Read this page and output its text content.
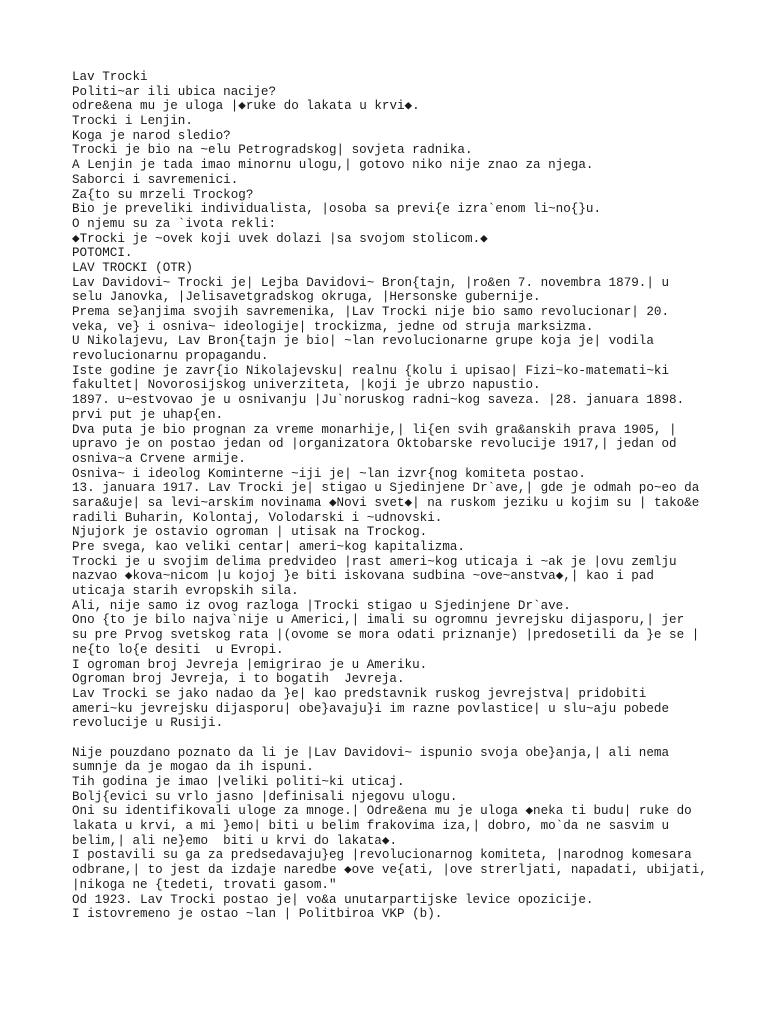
Lav Trocki
Politi~ar ili ubica nacije?
odre&ena mu je uloga |◆ruke do lakata u krvi◆.
Trocki i Lenjin.
Koga je narod sledio?
Trocki je bio na ~elu Petrogradskog| sovjeta radnika.
A Lenjin je tada imao minornu ulogu,| gotovo niko nije znao za njega.
Saborci i savremenici.
Za{to su mrzeli Trockog?
Bio je preveliki individualista, |osoba sa previ{e izra`enom li~no{}u.
O njemu su za `ivota rekli:
◆Trocki je ~ovek koji uvek dolazi |sa svojom stolicom.◆
POTOMCI.
LAV TROCKI (OTR)
Lav Davidovi~ Trocki je| Lejba Davidovi~ Bron{tajn, |ro&en 7. novembra 1879.| u
selu Janovka, |Jelisavetgradskog okruga, |Hersonske gubernije.
Prema se}anjima svojih savremenika, |Lav Trocki nije bio samo revolucionar| 20.
veka, ve} i osniva~ ideologije| trockizma, jedne od struja marksizma.
U Nikolajevu, Lav Bron{tajn je bio| ~lan revolucionarne grupe koja je| vodila
revolucionarnu propagandu.
Iste godine je zavr{io Nikolajevsku| realnu {kolu i upisao| Fizi~ko-matemati~ki
fakultet| Novorosijskog univerziteta, |koji je ubrzo napustio.
1897. u~estvovao je u osnivanju |Ju`noruskog radni~kog saveza. |28. januara 1898.
prvi put je uhap{en.
Dva puta je bio prognan za vreme monarhije,| li{en svih gra&anskih prava 1905, |
upravo je on postao jedan od |organizatora Oktobarske revolucije 1917,| jedan od
osniva~a Crvene armije.
Osniva~ i ideolog Kominterne ~iji je| ~lan izvr{nog komiteta postao.
13. januara 1917. Lav Trocki je| stigao u Sjedinjene Dr`ave,| gde je odmah po~eo da
sara&uje| sa levi~arskim novinama ◆Novi svet◆| na ruskom jeziku u kojim su | tako&e
radili Buharin, Kolontaj, Volodarski i ~udnovski.
Njujork je ostavio ogroman | utisak na Trockog.
Pre svega, kao veliki centar| ameri~kog kapitalizma.
Trocki je u svojim delima predvideo |rast ameri~kog uticaja i ~ak je |ovu zemlju
nazvao ◆kova~nicom |u kojoj }e biti iskovana sudbina ~ove~anstva◆,| kao i pad
uticaja starih evropskih sila.
Ali, nije samo iz ovog razloga |Trocki stigao u Sjedinjene Dr`ave.
Ono {to je bilo najva`nije u Americi,| imali su ogromnu jevrejsku dijasporu,| jer
su pre Prvog svetskog rata |(ovome se mora odati priznanje) |predosetili da }e se |
ne{to lo{e desiti  u Evropi.
I ogroman broj Jevreja |emigrirao je u Ameriku.
Ogroman broj Jevreja, i to bogatih  Jevreja.
Lav Trocki se jako nadao da }e| kao predstavnik ruskog jevrejstva| pridobiti
ameri~ku jevrejsku dijasporu| obe}avaju}i im razne povlastice| u slu~aju pobede
revolucije u Rusiji.
Nije pouzdano poznato da li je |Lav Davidovi~ ispunio svoja obe}anja,| ali nema
sumnje da je mogao da ih ispuni.
Tih godina je imao |veliki politi~ki uticaj.
Bolj{evici su vrlo jasno |definisali njegovu ulogu.
Oni su identifikovali uloge za mnoge.| Odre&ena mu je uloga ◆neka ti budu| ruke do
lakata u krvi, a mi }emo| biti u belim frakovima iza,| dobro, mo`da ne sasvim u
belim,| ali ne}emo  biti u krvi do lakata◆.
I postavili su ga za predsedavaju}eg |revolucionarnog komiteta, |narodnog komesara
odbrane,| to jest da izdaje naredbe ◆ove ve{ati, |ove strerljati, napadati, ubijati,
|nikoga ne {tedeti, trovati gasom."
Od 1923. Lav Trocki postao je| vo&a unutarpartijske levice opozicije.
I istovremeno je ostao ~lan | Politbiroa VKP (b).
